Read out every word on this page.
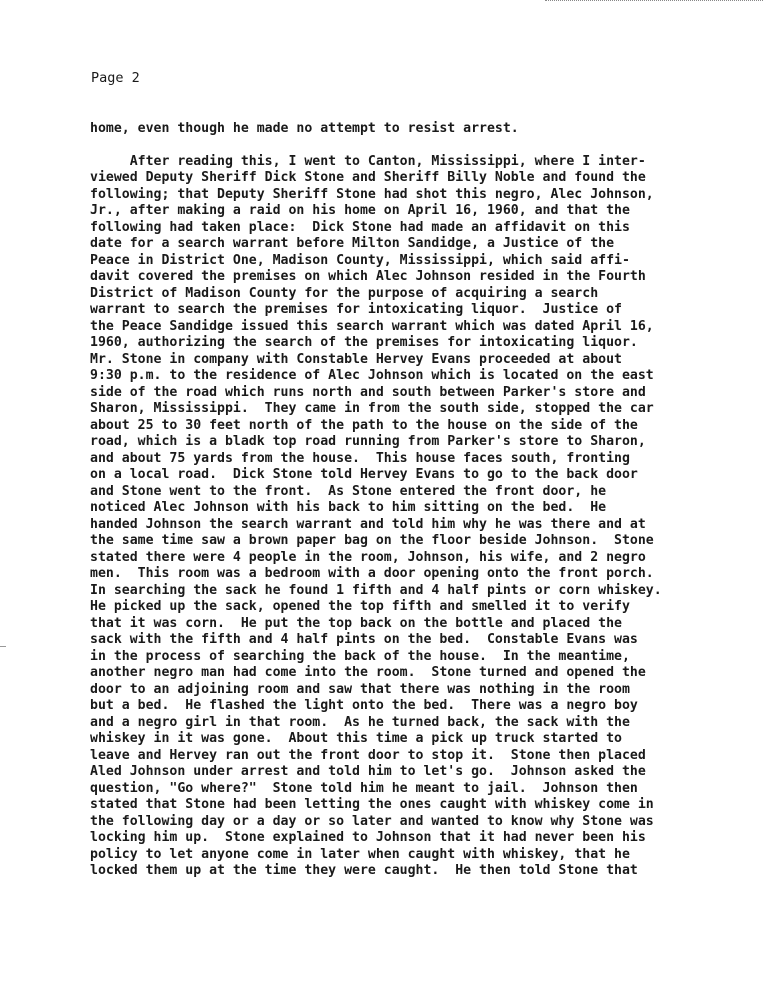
Page 2
home, even though he made no attempt to resist arrest.
After reading this, I went to Canton, Mississippi, where I inter-
viewed Deputy Sheriff Dick Stone and Sheriff Billy Noble and found the
following; that Deputy Sheriff Stone had shot this negro, Alec Johnson,
Jr., after making a raid on his home on April 16, 1960, and that the
following had taken place:  Dick Stone had made an affidavit on this
date for a search warrant before Milton Sandidge, a Justice of the
Peace in District One, Madison County, Mississippi, which said affi-
davit covered the premises on which Alec Johnson resided in the Fourth
District of Madison County for the purpose of acquiring a search
warrant to search the premises for intoxicating liquor.  Justice of
the Peace Sandidge issued this search warrant which was dated April 16,
1960, authorizing the search of the premises for intoxicating liquor.
Mr. Stone in company with Constable Hervey Evans proceeded at about
9:30 p.m. to the residence of Alec Johnson which is located on the east
side of the road which runs north and south between Parker's store and
Sharon, Mississippi.  They came in from the south side, stopped the car
about 25 to 30 feet north of the path to the house on the side of the
road, which is a bladk top road running from Parker's store to Sharon,
and about 75 yards from the house.  This house faces south, fronting
on a local road.  Dick Stone told Hervey Evans to go to the back door
and Stone went to the front.  As Stone entered the front door, he
noticed Alec Johnson with his back to him sitting on the bed.  He
handed Johnson the search warrant and told him why he was there and at
the same time saw a brown paper bag on the floor beside Johnson.  Stone
stated there were 4 people in the room, Johnson, his wife, and 2 negro
men.  This room was a bedroom with a door opening onto the front porch.
In searching the sack he found 1 fifth and 4 half pints or corn whiskey.
He picked up the sack, opened the top fifth and smelled it to verify
that it was corn.  He put the top back on the bottle and placed the
sack with the fifth and 4 half pints on the bed.  Constable Evans was
in the process of searching the back of the house.  In the meantime,
another negro man had come into the room.  Stone turned and opened the
door to an adjoining room and saw that there was nothing in the room
but a bed.  He flashed the light onto the bed.  There was a negro boy
and a negro girl in that room.  As he turned back, the sack with the
whiskey in it was gone.  About this time a pick up truck started to
leave and Hervey ran out the front door to stop it.  Stone then placed
Aled Johnson under arrest and told him to let's go.  Johnson asked the
question, "Go where?"  Stone told him he meant to jail.  Johnson then
stated that Stone had been letting the ones caught with whiskey come in
the following day or a day or so later and wanted to know why Stone was
locking him up.  Stone explained to Johnson that it had never been his
policy to let anyone come in later when caught with whiskey, that he
locked them up at the time they were caught.  He then told Stone that
